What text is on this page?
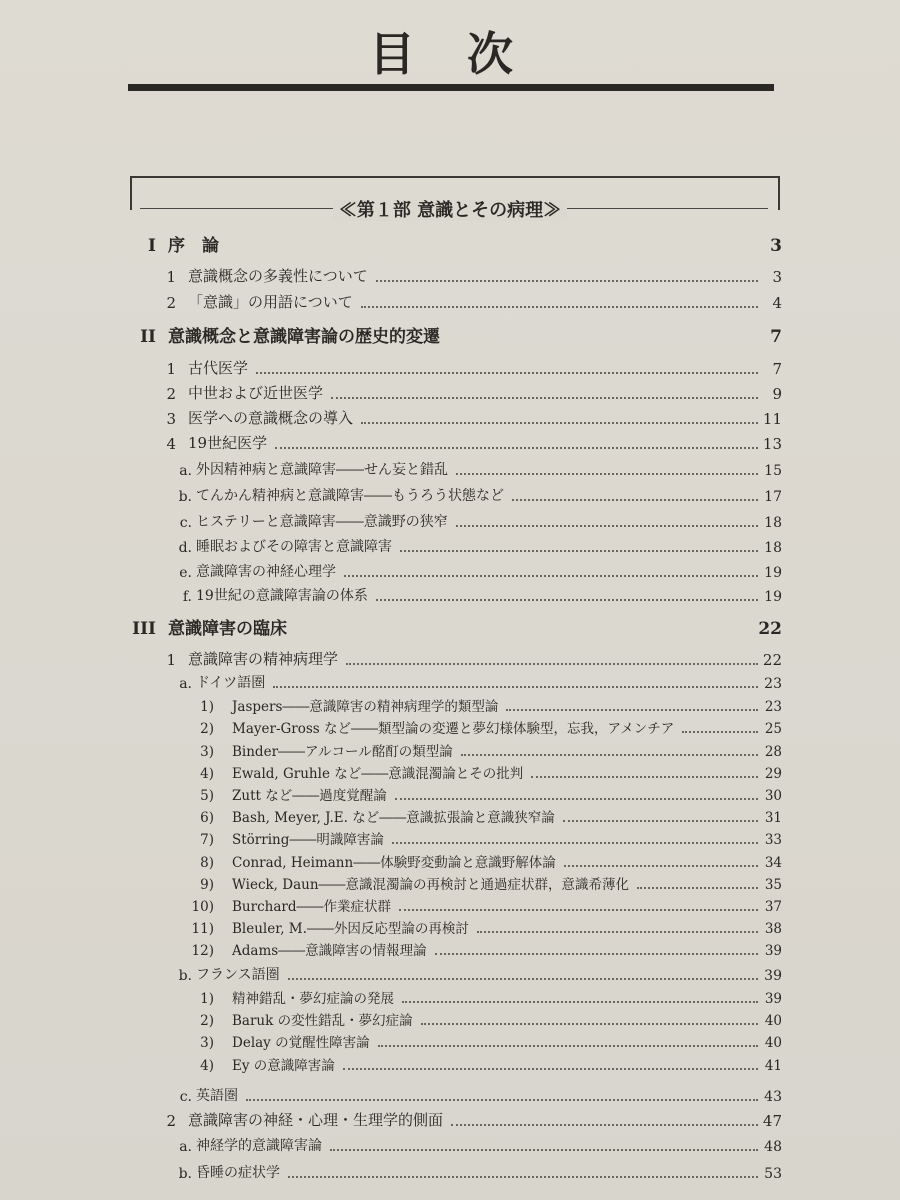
目 次
≪第１部 意識とその病理≫
I 序　論	3
1 意識概念の多義性について	3
2 「意識」の用語について	4
II 意識概念と意識障害論の歴史的変遷	7
1 古代医学	7
2 中世および近世医学	9
3 医学への意識概念の導入	11
4 19世紀医学	13
a. 外因精神病と意識障害――せん妄と錯乱	15
b. てんかん精神病と意識障害――もうろう状態など	17
c. ヒステリーと意識障害――意識野の狭窄	18
d. 睡眠およびその障害と意識障害	18
e. 意識障害の神経心理学	19
f. 19世紀の意識障害論の体系	19
III 意識障害の臨床	22
1 意識障害の精神病理学	22
a. ドイツ語圏	23
1) Jaspers――意識障害の精神病理学的類型論	23
2) Mayer-Gross など――類型論の変遷と夢幻様体験型，忘我，アメンチア	25
3) Binder――アルコール酩酊の類型論	28
4) Ewald, Gruhle など――意識混濁論とその批判	29
5) Zutt など――過度覚醒論	30
6) Bash, Meyer, J.E. など――意識拡張論と意識狭窄論	31
7) Störring――明識障害論	33
8) Conrad, Heimann――体験野変動論と意識野解体論	34
9) Wieck, Daun――意識混濁論の再検討と通過症状群，意識希薄化	35
10) Burchard――作業症状群	37
11) Bleuler, M.――外因反応型論の再検討	38
12) Adams――意識障害の情報理論	39
b. フランス語圏	39
1) 精神錯乱・夢幻症論の発展	39
2) Baruk の変性錯乱・夢幻症論	40
3) Delay の覚醒性障害論	40
4) Ey の意識障害論	41
c. 英語圏	43
2 意識障害の神経・心理・生理学的側面	47
a. 神経学的意識障害論	48
b. 昏睡の症状学	53
